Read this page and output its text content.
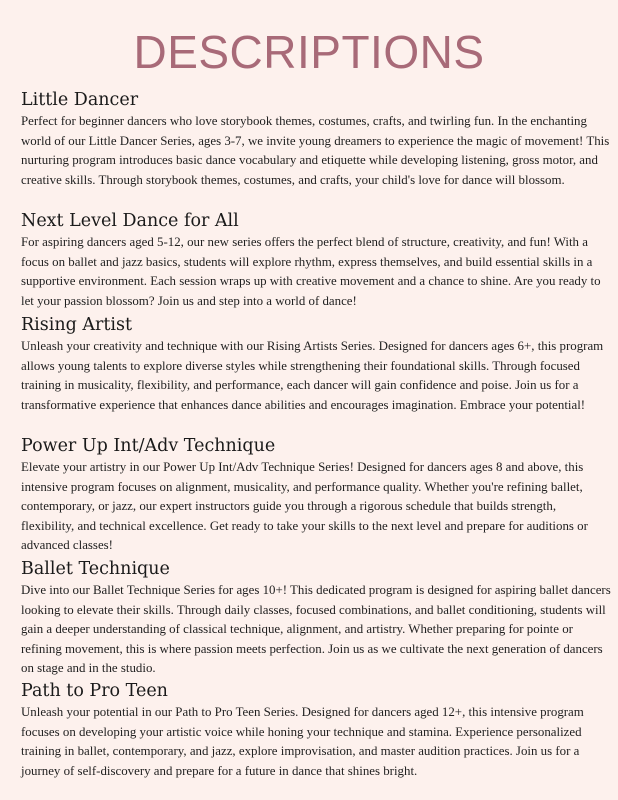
DESCRIPTIONS
Little Dancer

Perfect for beginner dancers who love storybook themes, costumes, crafts, and twirling fun. In the enchanting world of our Little Dancer Series, ages 3-7, we invite young dreamers to experience the magic of movement! This nurturing program introduces basic dance vocabulary and etiquette while developing listening, gross motor, and creative skills. Through storybook themes, costumes, and crafts, your child's love for dance will blossom.

Next Level Dance for All

For aspiring dancers aged 5-12, our new series offers the perfect blend of structure, creativity, and fun! With a focus on ballet and jazz basics, students will explore rhythm, express themselves, and build essential skills in a supportive environment. Each session wraps up with creative movement and a chance to shine. Are you ready to let your passion blossom? Join us and step into a world of dance!

Rising Artist

Unleash your creativity and technique with our Rising Artists Series. Designed for dancers ages 6+, this program allows young talents to explore diverse styles while strengthening their foundational skills. Through focused training in musicality, flexibility, and performance, each dancer will gain confidence and poise. Join us for a transformative experience that enhances dance abilities and encourages imagination. Embrace your potential!

Power Up Int/Adv Technique

Elevate your artistry in our Power Up Int/Adv Technique Series! Designed for dancers ages 8 and above, this intensive program focuses on alignment, musicality, and performance quality. Whether you're refining ballet, contemporary, or jazz, our expert instructors guide you through a rigorous schedule that builds strength, flexibility, and technical excellence. Get ready to take your skills to the next level and prepare for auditions or advanced classes!

Ballet Technique

Dive into our Ballet Technique Series for ages 10+! This dedicated program is designed for aspiring ballet dancers looking to elevate their skills. Through daily classes, focused combinations, and ballet conditioning, students will gain a deeper understanding of classical technique, alignment, and artistry. Whether preparing for pointe or refining movement, this is where passion meets perfection. Join us as we cultivate the next generation of dancers on stage and in the studio.

Path to Pro Teen

Unleash your potential in our Path to Pro Teen Series. Designed for dancers aged 12+, this intensive program focuses on developing your artistic voice while honing your technique and stamina. Experience personalized training in ballet, contemporary, and jazz, explore improvisation, and master audition practices. Join us for a journey of self-discovery and prepare for a future in dance that shines bright.
